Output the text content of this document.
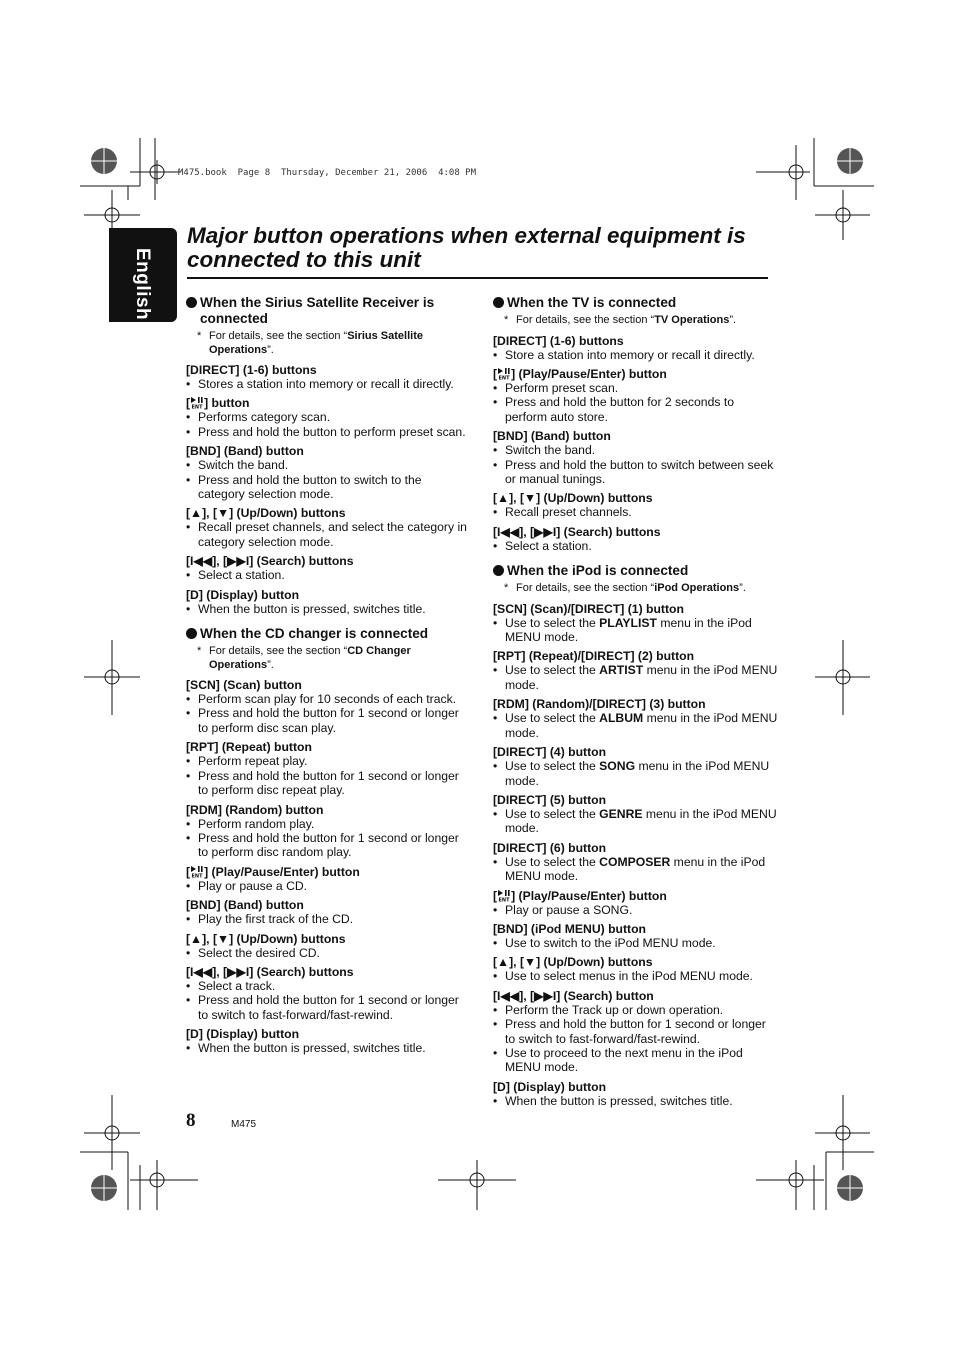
M475.book  Page 8  Thursday, December 21, 2006  4:08 PM
English
Major button operations when external equipment is connected to this unit
When the Sirius Satellite Receiver is connected
* For details, see the section “Sirius Satellite Operations”.
[DIRECT] (1-6) buttons
• Stores a station into memory or recall it directly.
[ ENT ] button
• Performs category scan.
• Press and hold the button to perform preset scan.
[BND] (Band) button
• Switch the band.
• Press and hold the button to switch to the category selection mode.
[▲], [▼] (Up/Down) buttons
• Recall preset channels, and select the category in category selection mode.
[I◀◀], [▶▶I] (Search) buttons
• Select a station.
[D] (Display) button
• When the button is pressed, switches title.
When the CD changer is connected
* For details, see the section “CD Changer Operations”.
[SCN] (Scan) button
• Perform scan play for 10 seconds of each track.
• Press and hold the button for 1 second or longer to perform disc scan play.
[RPT] (Repeat) button
• Perform repeat play.
• Press and hold the button for 1 second or longer to perform disc repeat play.
[RDM] (Random) button
• Perform random play.
• Press and hold the button for 1 second or longer to perform disc random play.
[ ENT ] (Play/Pause/Enter) button
• Play or pause a CD.
[BND] (Band) button
• Play the first track of the CD.
[▲], [▼] (Up/Down) buttons
• Select the desired CD.
[I◀◀], [▶▶I] (Search) buttons
• Select a track.
• Press and hold the button for 1 second or longer to switch to fast-forward/fast-rewind.
[D] (Display) button
• When the button is pressed, switches title.
When the TV is connected
* For details, see the section “TV Operations”.
[DIRECT] (1-6) buttons
• Store a station into memory or recall it directly.
[ ENT ] (Play/Pause/Enter) button
• Perform preset scan.
• Press and hold the button for 2 seconds to perform auto store.
[BND] (Band) button
• Switch the band.
• Press and hold the button to switch between seek or manual tunings.
[▲], [▼] (Up/Down) buttons
• Recall preset channels.
[I◀◀], [▶▶I] (Search) buttons
• Select a station.
When the iPod is connected
* For details, see the section “iPod Operations”.
[SCN] (Scan)/[DIRECT] (1) button
• Use to select the PLAYLIST menu in the iPod MENU mode.
[RPT] (Repeat)/[DIRECT] (2) button
• Use to select the ARTIST menu in the iPod MENU mode.
[RDM] (Random)/[DIRECT] (3) button
• Use to select the ALBUM menu in the iPod MENU mode.
[DIRECT] (4) button
• Use to select the SONG menu in the iPod MENU mode.
[DIRECT] (5) button
• Use to select the GENRE menu in the iPod MENU mode.
[DIRECT] (6) button
• Use to select the COMPOSER menu in the iPod MENU mode.
[ ENT ] (Play/Pause/Enter) button
• Play or pause a SONG.
[BND] (iPod MENU) button
• Use to switch to the iPod MENU mode.
[▲], [▼] (Up/Down) buttons
• Use to select menus in the iPod MENU mode.
[I◀◀], [▶▶I] (Search) button
• Perform the Track up or down operation.
• Press and hold the button for 1 second or longer to switch to fast-forward/fast-rewind.
• Use to proceed to the next menu in the iPod MENU mode.
[D] (Display) button
• When the button is pressed, switches title.
8	M475
